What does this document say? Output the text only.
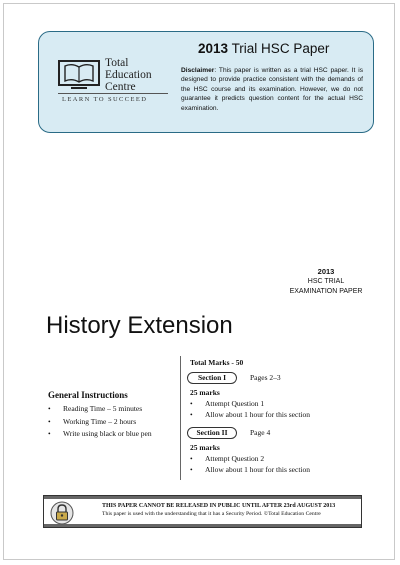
Total
Education
Centre
LEARN TO SUCCEED
2013 Trial HSC Paper
Disclaimer: This paper is written as a trial HSC paper. It is designed to provide practice consistent with the demands of the HSC course and its examination. However, we do not guarantee it predicts question content for the actual HSC examination.
2013
HSC TRIAL
EXAMINATION PAPER
History Extension
General Instructions
• Reading Time – 5 minutes
• Working Time – 2 hours
• Write using black or blue pen
Total Marks - 50
Section I	Pages 2–3
25 marks
• Attempt Question 1
• Allow about 1 hour for this section
Section II	Page 4
25 marks
• Attempt Question 2
• Allow about 1 hour for this section
THIS PAPER CANNOT BE RELEASED IN PUBLIC UNTIL AFTER 23rd AUGUST 2013
This paper is used with the understanding that it has a Security Period. ©Total Education Centre
